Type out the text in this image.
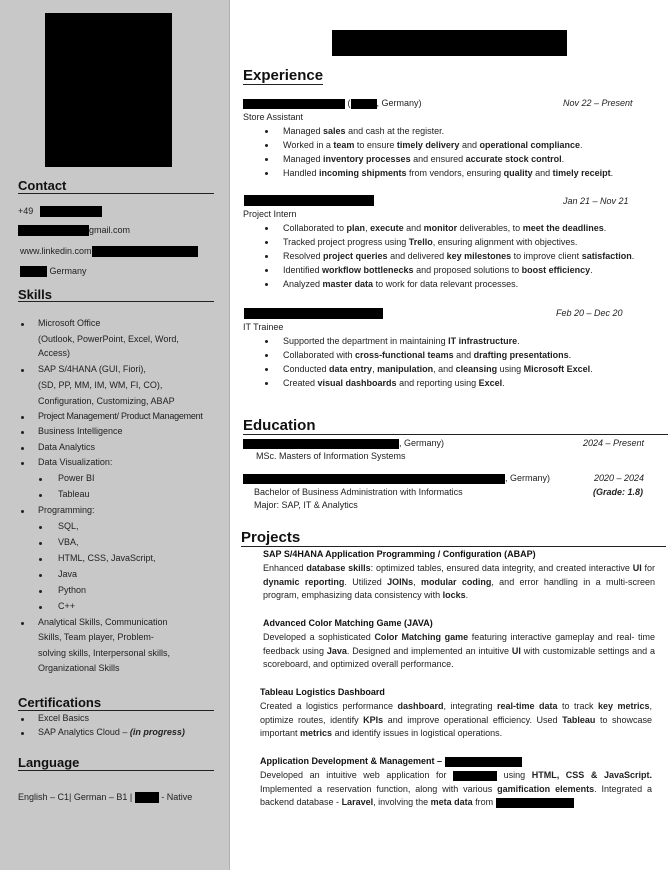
Contact
+49
gmail.com
www.linkedin.com
Germany
Skills
Microsoft Office
(Outlook, PowerPoint, Excel, Word,
Access)
SAP S/4HANA (GUI, Fiori),
(SD, PP, MM, IM, WM, FI, CO),
Configuration, Customizing, ABAP
Project Management/ Product Management
Business Intelligence
Data Analytics
Data Visualization:
Power BI
Tableau
Programming:
SQL,
VBA,
HTML, CSS, JavaScript,
Java
Python
C++
Analytical Skills, Communication
Skills, Team player, Problem-
solving skills, Interpersonal skills,
Organizational Skills
Certifications
Excel Basics
SAP Analytics Cloud – (in progress)
Language
English – C1| German – B1 |	- Native
Experience
(	, Germany)	Nov 22 – Present
Store Assistant
Managed sales and cash at the register.
Worked in a team to ensure timely delivery and operational compliance.
Managed inventory processes and ensured accurate stock control.
Handled incoming shipments from vendors, ensuring quality and timely receipt.
Jan 21 – Nov 21
Project Intern
Collaborated to plan, execute and monitor deliverables, to meet the deadlines.
Tracked project progress using Trello, ensuring alignment with objectives.
Resolved project queries and delivered key milestones to improve client satisfaction.
Identified workflow bottlenecks and proposed solutions to boost efficiency.
Analyzed master data to work for data relevant processes.
Feb 20 – Dec 20
IT Trainee
Supported the department in maintaining IT infrastructure.
Collaborated with cross-functional teams and drafting presentations.
Conducted data entry, manipulation, and cleansing using Microsoft Excel.
Created visual dashboards and reporting using Excel.
Education
, Germany)	2024 – Present
MSc. Masters of Information Systems
, Germany)	2020 – 2024
(Grade: 1.8)
Bachelor of Business Administration with Informatics
Major: SAP, IT & Analytics
Projects
SAP S/4HANA Application Programming / Configuration (ABAP)
Enhanced database skills: optimized tables, ensured data integrity, and created interactive UI for dynamic reporting. Utilized JOINs, modular coding, and error handling in a multi-screen program, emphasizing data consistency with locks.
Advanced Color Matching Game (JAVA)
Developed a sophisticated Color Matching game featuring interactive gameplay and real- time feedback using Java. Designed and implemented an intuitive UI with customizable settings and a scoreboard, and optimized overall performance.
Tableau Logistics Dashboard
Created a logistics performance dashboard, integrating real-time data to track key metrics, optimize routes, identify KPIs and improve operational efficiency. Used Tableau to showcase important metrics and identify issues in logistical operations.
Application Development & Management –
Developed an intuitive web application for	using HTML, CSS & JavaScript. Implemented a reservation function, along with various gamification elements. Integrated a backend database - Laravel, involving the meta data from
